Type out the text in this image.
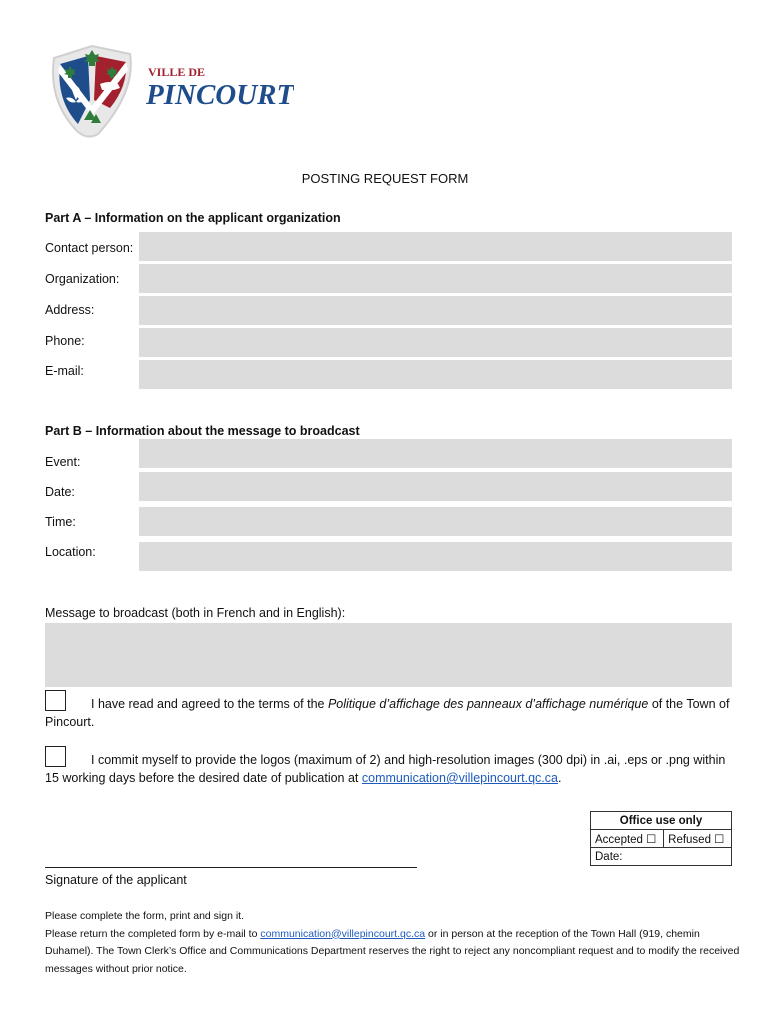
VILLE DE
PINCOURT
POSTING REQUEST FORM
Part A – Information on the applicant organization
Contact person:
Organization:
Address:
Phone:
E-mail:
Part B – Information about the message to broadcast
Event:
Date:
Time:
Location:
Message to broadcast (both in French and in English):
I have read and agreed to the terms of the Politique d’affichage des panneaux d’affichage numérique of the Town of Pincourt.
I commit myself to provide the logos (maximum of 2) and high-resolution images (300 dpi) in .ai, .eps or .png within 15 working days before the desired date of publication at communication@villepincourt.qc.ca.
Office use only
Accepted ☐	Refused ☐
Date:
Signature of the applicant
Please complete the form, print and sign it.
Please return the completed form by e-mail to communication@villepincourt.qc.ca or in person at the reception of the Town Hall (919, chemin Duhamel). The Town Clerk’s Office and Communications Department reserves the right to reject any noncompliant request and to modify the received messages without prior notice.
